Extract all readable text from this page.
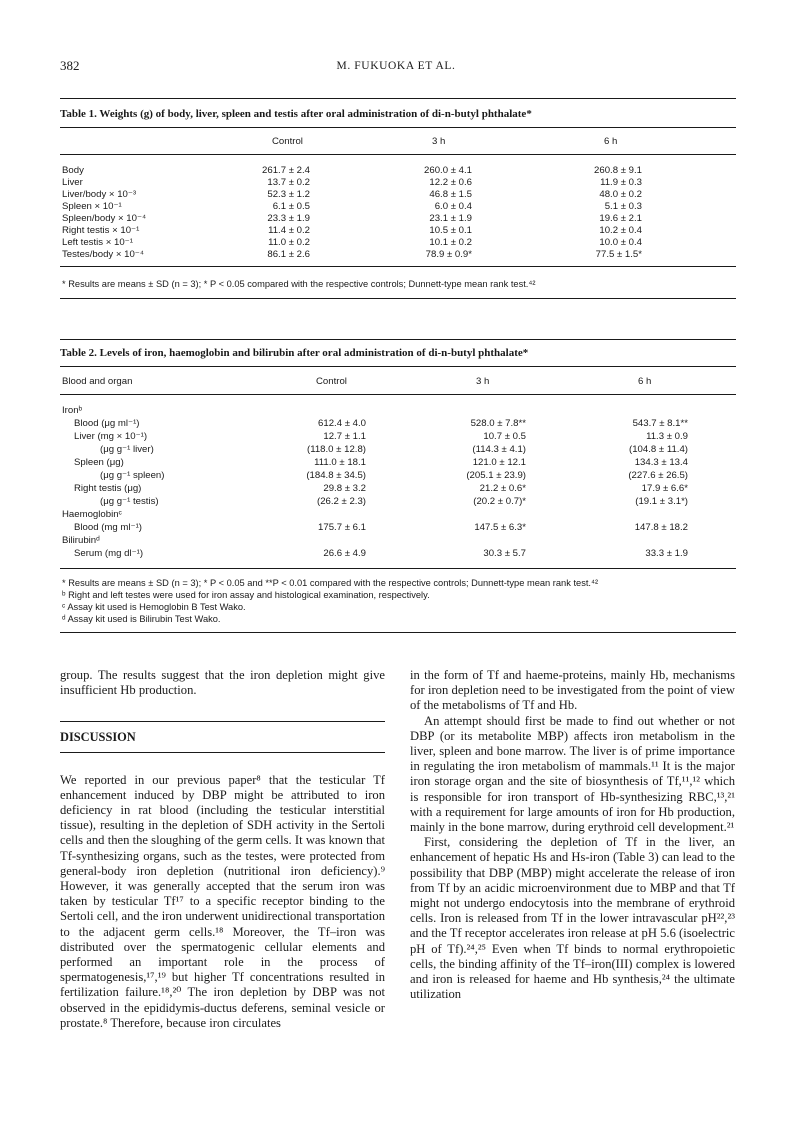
382	M. FUKUOKA ET AL.
Table 1. Weights (g) of body, liver, spleen and testis after oral administration of di-n-butyl phthalate*
Control	3 h	6 h
Body	261.7 ± 2.4	260.0 ± 4.1	260.8 ± 9.1
Liver	13.7 ± 0.2	12.2 ± 0.6	11.9 ± 0.3
Liver/body × 10⁻³	52.3 ± 1.2	46.8 ± 1.5	48.0 ± 0.2
Spleen × 10⁻¹	6.1 ± 0.5	6.0 ± 0.4	5.1 ± 0.3
Spleen/body × 10⁻⁴	23.3 ± 1.9	23.1 ± 1.9	19.6 ± 2.1
Right testis × 10⁻¹	11.4 ± 0.2	10.5 ± 0.1	10.2 ± 0.4
Left testis × 10⁻¹	11.0 ± 0.2	10.1 ± 0.2	10.0 ± 0.4
Testes/body × 10⁻⁴	86.1 ± 2.6	78.9 ± 0.9*	77.5 ± 1.5*
* Results are means ± SD (n = 3); * P < 0.05 compared with the respective controls; Dunnett-type mean rank test.⁴²
Table 2. Levels of iron, haemoglobin and bilirubin after oral administration of di-n-butyl phthalate*
Blood and organ	Control	3 h	6 h
Ironᵇ
Blood (μg ml⁻¹)	612.4 ± 4.0	528.0 ± 7.8**	543.7 ± 8.1**
Liver (mg × 10⁻¹)	12.7 ± 1.1	10.7 ± 0.5	11.3 ± 0.9
(μg g⁻¹ liver)	(118.0 ± 12.8)	(114.3 ± 4.1)	(104.8 ± 11.4)
Spleen (μg)	111.0 ± 18.1	121.0 ± 12.1	134.3 ± 13.4
(μg g⁻¹ spleen)	(184.8 ± 34.5)	(205.1 ± 23.9)	(227.6 ± 26.5)
Right testis (μg)	29.8 ± 3.2	21.2 ± 0.6*	17.9 ± 6.6*
(μg g⁻¹ testis)	(26.2 ± 2.3)	(20.2 ± 0.7)*	(19.1 ± 3.1*)
Haemoglobinᶜ
Blood (mg ml⁻¹)	175.7 ± 6.1	147.5 ± 6.3*	147.8 ± 18.2
Bilirubinᵈ
Serum (mg dl⁻¹)	26.6 ± 4.9	30.3 ± 5.7	33.3 ± 1.9
* Results are means ± SD (n = 3); * P < 0.05 and **P < 0.01 compared with the respective controls; Dunnett-type mean rank test.⁴²
ᵇ Right and left testes were used for iron assay and histological examination, respectively.
ᶜ Assay kit used is Hemoglobin B Test Wako.
ᵈ Assay kit used is Bilirubin Test Wako.

group. The results suggest that the iron depletion might give insufficient Hb production.

DISCUSSION

We reported in our previous paper⁸ that the testicular Tf enhancement induced by DBP might be attributed to iron deficiency in rat blood (including the testicular interstitial tissue), resulting in the depletion of SDH activity in the Sertoli cells and then the sloughing of the germ cells. It was known that Tf-synthesizing organs, such as the testes, were protected from general-body iron depletion (nutritional iron deficiency).⁹ However, it was generally accepted that the serum iron was taken by testicular Tf¹⁷ to a specific receptor binding to the Sertoli cell, and the iron underwent unidirectional transportation to the adjacent germ cells.¹⁸ Moreover, the Tf–iron was distributed over the spermatogenic cellular elements and performed an important role in the process of spermatogenesis,¹⁷,¹⁹ but higher Tf concentrations resulted in fertilization failure.¹⁸,²⁰ The iron depletion by DBP was not observed in the epididymis-ductus deferens, seminal vesicle or prostate.⁸ Therefore, because iron circulates

in the form of Tf and haeme-proteins, mainly Hb, mechanisms for iron depletion need to be investigated from the point of view of the metabolisms of Tf and Hb.

An attempt should first be made to find out whether or not DBP (or its metabolite MBP) affects iron metabolism in the liver, spleen and bone marrow. The liver is of prime importance in regulating the iron metabolism of mammals.¹¹ It is the major iron storage organ and the site of biosynthesis of Tf,¹¹,¹² which is responsible for iron transport of Hb-synthesizing RBC,¹³,²¹ with a requirement for large amounts of iron for Hb production, mainly in the bone marrow, during erythroid cell development.²¹

First, considering the depletion of Tf in the liver, an enhancement of hepatic Hs and Hs-iron (Table 3) can lead to the possibility that DBP (MBP) might accelerate the release of iron from Tf by an acidic microenvironment due to MBP and that Tf might not undergo endocytosis into the membrane of erythroid cells. Iron is released from Tf in the lower intravascular pH²²,²³ and the Tf receptor accelerates iron release at pH 5.6 (isoelectric pH of Tf).²⁴,²⁵ Even when Tf binds to normal erythropoietic cells, the binding affinity of the Tf–iron(III) complex is lowered and iron is released for haeme and Hb synthesis,²⁴ the ultimate utilization
